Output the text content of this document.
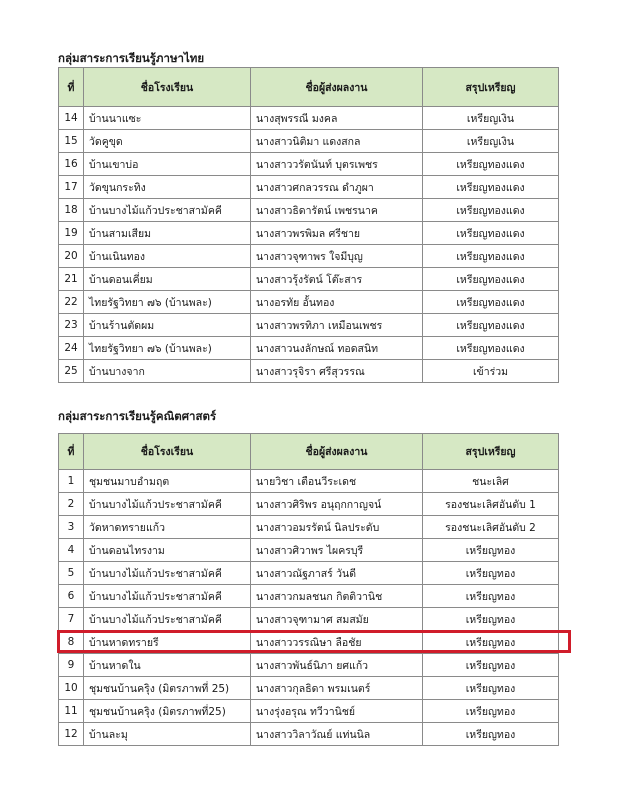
กลุ่มสาระการเรียนรู้ภาษาไทย
ที่	ชื่อโรงเรียน	ชื่อผู้ส่งผลงาน	สรุปเหรียญ
14	บ้านนาแซะ	นางสุพรรณี มงคล	เหรียญเงิน
15	วัดคูขุด	นางสาวนิติมา แดงสกล	เหรียญเงิน
16	บ้านเขาบ่อ	นางสาววรัตนันท์ บุตรเพชร	เหรียญทองแดง
17	วัดขุนกระทิง	นางสาวศกลวรรณ ดำภูผา	เหรียญทองแดง
18	บ้านบางไม้แก้วประชาสามัคคี	นางสาวธิดารัตน์ เพชรนาค	เหรียญทองแดง
19	บ้านสามเสียม	นางสาวพรพิมล ศรีชาย	เหรียญทองแดง
20	บ้านเนินทอง	นางสาวจุฑาพร ใจมีบุญ	เหรียญทองแดง
21	บ้านดอนเคี่ยม	นางสาวรุ้งรัตน์ โต๊ะสาร	เหรียญทองแดง
22	ไทยรัฐวิทยา ๗๖ (บ้านพละ)	นางอรทัย อั้นทอง	เหรียญทองแดง
23	บ้านร้านตัดผม	นางสาวพรทิภา เหมือนเพชร	เหรียญทองแดง
24	ไทยรัฐวิทยา ๗๖ (บ้านพละ)	นางสาวนงลักษณ์ ทอดสนิท	เหรียญทองแดง
25	บ้านบางจาก	นางสาวรุจิรา ศรีสุวรรณ	เข้าร่วม
กลุ่มสาระการเรียนรู้คณิตศาสตร์
ที่	ชื่อโรงเรียน	ชื่อผู้ส่งผลงาน	สรุปเหรียญ
1	ชุมชนมาบอำมฤต	นายวิชา เตือนวีระเดช	ชนะเลิศ
2	บ้านบางไม้แก้วประชาสามัคคี	นางสาวศิริพร อนุฤกกาญจน์	รองชนะเลิศอันดับ 1
3	วัดหาดทรายแก้ว	นางสาวอมรรัตน์ นิลประดับ	รองชนะเลิศอันดับ 2
4	บ้านดอนไทรงาม	นางสาวศิวาพร ไผครบุรี	เหรียญทอง
5	บ้านบางไม้แก้วประชาสามัคคี	นางสาวณัฐภาสร์ วันดี	เหรียญทอง
6	บ้านบางไม้แก้วประชาสามัคคี	นางสาวกมลชนก กิตติวานิช	เหรียญทอง
7	บ้านบางไม้แก้วประชาสามัคคี	นางสาวจุฑามาศ สมสมัย	เหรียญทอง
8	บ้านหาดทรายรี	นางสาววรรณิษา ลือชัย	เหรียญทอง
9	บ้านหาดใน	นางสาวพันธ์นิภา ยศแก้ว	เหรียญทอง
10	ชุมชนบ้านครุิง (มิตรภาพที่ 25)	นางสาวกุลธิดา พรมเนตร์	เหรียญทอง
11	ชุมชนบ้านครุิง (มิตรภาพที่25)	นางรุ่งอรุณ ทวีวานิชย์	เหรียญทอง
12	บ้านละมุ	นางสาววิลาวัณย์ แท่นนิล	เหรียญทอง
